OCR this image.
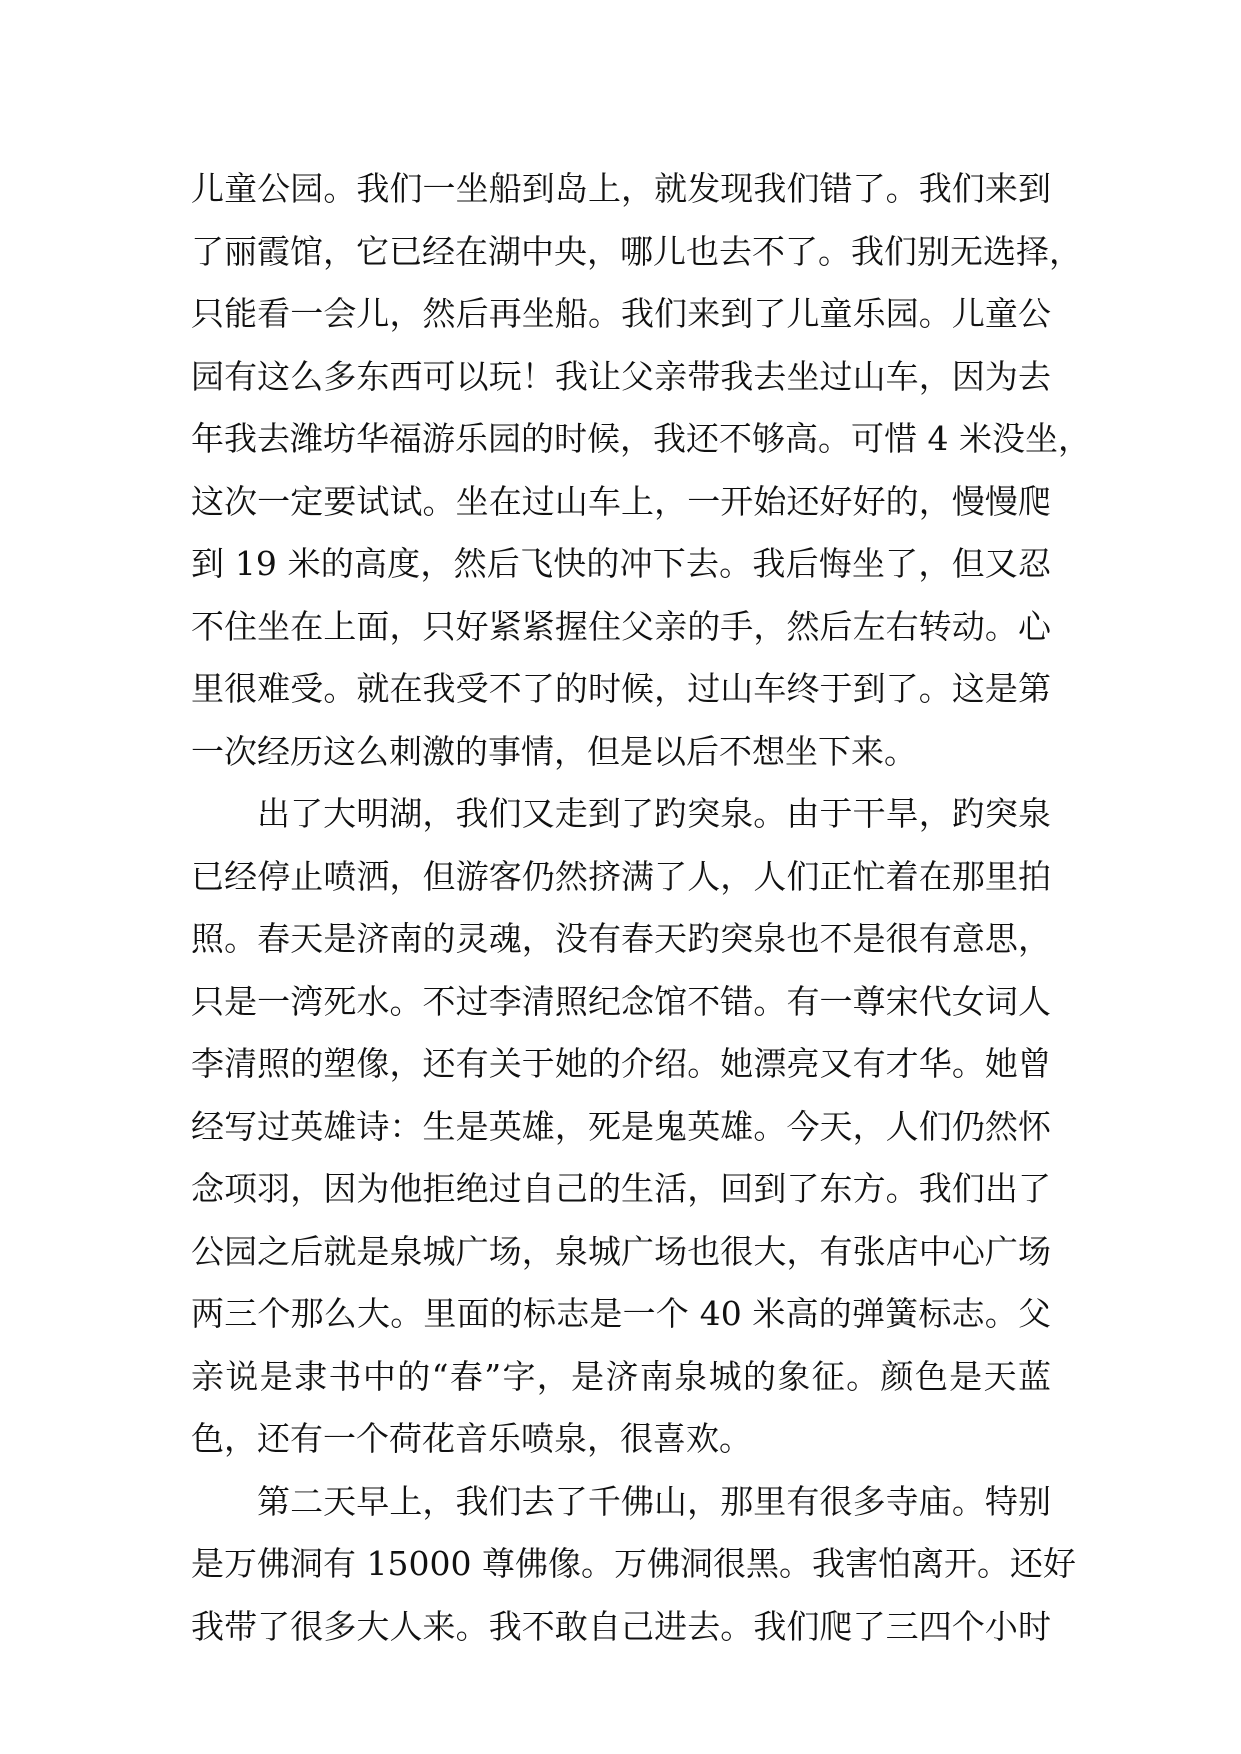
儿童公园。我们一坐船到岛上，就发现我们错了。我们来到
了丽霞馆，它已经在湖中央，哪儿也去不了。我们别无选择，
只能看一会儿，然后再坐船。我们来到了儿童乐园。儿童公
园有这么多东西可以玩！我让父亲带我去坐过山车，因为去
年我去潍坊华福游乐园的时候，我还不够高。可惜 4 米没坐，
这次一定要试试。坐在过山车上，一开始还好好的，慢慢爬
到 19 米的高度，然后飞快的冲下去。我后悔坐了，但又忍
不住坐在上面，只好紧紧握住父亲的手，然后左右转动。心
里很难受。就在我受不了的时候，过山车终于到了。这是第
一次经历这么刺激的事情，但是以后不想坐下来。
出了大明湖，我们又走到了趵突泉。由于干旱，趵突泉
已经停止喷洒，但游客仍然挤满了人，人们正忙着在那里拍
照。春天是济南的灵魂，没有春天趵突泉也不是很有意思，
只是一湾死水。不过李清照纪念馆不错。有一尊宋代女词人
李清照的塑像，还有关于她的介绍。她漂亮又有才华。她曾
经写过英雄诗：生是英雄，死是鬼英雄。今天，人们仍然怀
念项羽，因为他拒绝过自己的生活，回到了东方。我们出了
公园之后就是泉城广场，泉城广场也很大，有张店中心广场
两三个那么大。里面的标志是一个 40 米高的弹簧标志。父
亲说是隶书中的“春”字，是济南泉城的象征。颜色是天蓝
色，还有一个荷花音乐喷泉，很喜欢。
第二天早上，我们去了千佛山，那里有很多寺庙。特别
是万佛洞有 15000 尊佛像。万佛洞很黑。我害怕离开。还好
我带了很多大人来。我不敢自己进去。我们爬了三四个小时
